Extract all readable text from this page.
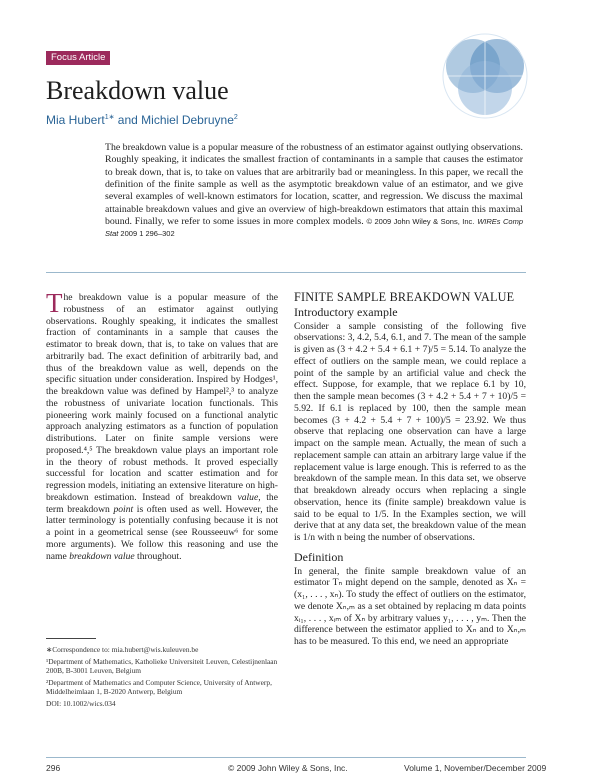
Focus Article
Breakdown value
Mia Hubert$^{1∗}$ and Michiel Debruyne$^2$
The breakdown value is a popular measure of the robustness of an estimator against outlying observations. Roughly speaking, it indicates the smallest fraction of contaminants in a sample that causes the estimator to break down, that is, to take on values that are arbitrarily bad or meaningless. In this paper, we recall the definition of the finite sample as well as the asymptotic breakdown value of an estimator, and we give several examples of well-known estimators for location, scatter, and regression. We discuss the maximal attainable breakdown values and give an overview of high-breakdown estimators that attain this maximal bound. Finally, we refer to some issues in more complex models. © 2009 John Wiley & Sons, Inc. WIREs Comp Stat 2009 1 296–302

The breakdown value is a popular measure of the robustness of an estimator against outlying observations. Roughly speaking, it indicates the smallest fraction of contaminants in a sample that causes the estimator to break down, that is, to take on values that are arbitrarily bad. The exact definition of arbitrarily bad, and thus of the breakdown value as well, depends on the specific situation under consideration. Inspired by Hodges¹, the breakdown value was defined by Hampel²,³ to analyze the robustness of univariate location functionals. This pioneering work mainly focused on a functional analytic approach analyzing estimators as a function of population distributions. Later on finite sample versions were proposed.⁴,⁵ The breakdown value plays an important role in the theory of robust methods. It proved especially successful for location and scatter estimation and for regression models, initiating an extensive literature on high-breakdown estimation. Instead of breakdown value, the term breakdown point is often used as well. However, the latter terminology is potentially confusing because it is not a point in a geometrical sense (see Rousseeuw⁶ for some more arguments). We follow this reasoning and use the name breakdown value throughout.

∗Correspondence to: mia.hubert@wis.kuleuven.be
¹Department of Mathematics, Katholieke Universiteit Leuven, Celestijnenlaan 200B, B-3001 Leuven, Belgium
²Department of Mathematics and Computer Science, University of Antwerp, Middelheimlaan 1, B-2020 Antwerp, Belgium
DOI: 10.1002/wics.034
FINITE SAMPLE BREAKDOWN VALUE
Introductory example

Consider a sample consisting of the following five observations: 3, 4.2, 5.4, 6.1, and 7. The mean of the sample is given as (3 + 4.2 + 5.4 + 6.1 + 7)/5 = 5.14. To analyze the effect of outliers on the sample mean, we could replace a point of the sample by an artificial value and check the effect. Suppose, for example, that we replace 6.1 by 10, then the sample mean becomes (3 + 4.2 + 5.4 + 7 + 10)/5 = 5.92. If 6.1 is replaced by 100, then the sample mean becomes (3 + 4.2 + 5.4 + 7 + 100)/5 = 23.92. We thus observe that replacing one observation can have a large impact on the sample mean. Actually, the mean of such a replacement sample can attain an arbitrary large value if the replacement value is large enough. This is referred to as the breakdown of the sample mean. In this data set, we observe that breakdown already occurs when replacing a single observation, hence its (finite sample) breakdown value is said to be equal to 1/5. In the Examples section, we will derive that at any data set, the breakdown value of the mean is 1/n with n being the number of observations.

Definition

In general, the finite sample breakdown value of an estimator Tₙ might depend on the sample, denoted as Xₙ = (x₁, . . . , xₙ). To study the effect of outliers on the estimator, we denote Xₙ,ₘ as a set obtained by replacing m data points xᵢ₁, . . . , xᵢₘ of Xₙ by arbitrary values y₁, . . . , yₘ. Then the difference between the estimator applied to Xₙ and to Xₙ,ₘ has to be measured. To this end, we need an appropriate

296	© 2009 John Wiley & Sons, Inc.	Volume 1, November/December 2009
